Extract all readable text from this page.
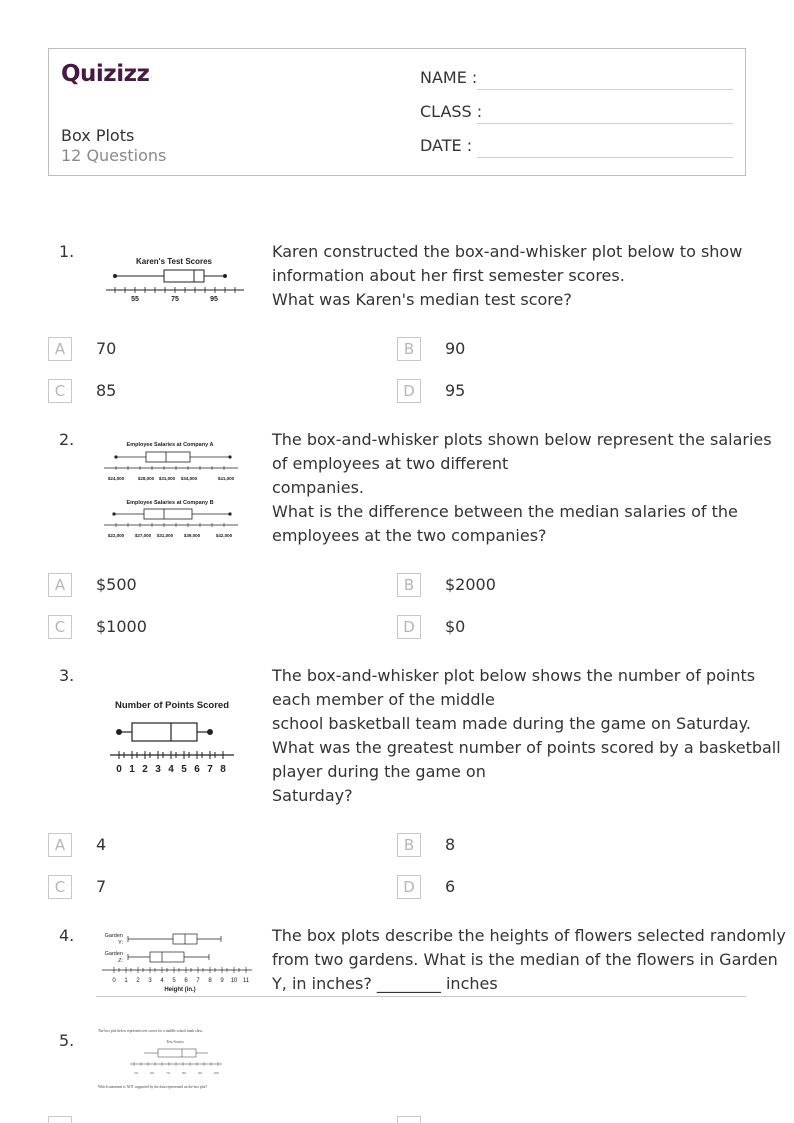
Quizizz
Box Plots
12 Questions
NAME :
CLASS :
DATE :
1.
Karen's Test Scores
55	75	95
Karen constructed the box-and-whisker plot below to show
information about her first semester scores.
What was Karen's median test score?
A	70	B	90
C	85	D	95
2.	Employee Salaries at Company A
$24,000	$28,000 $31,000 $34,000	$41,000
Employee Salaries at Company B
$22,000 $27,000 $31,000 $39,000	$42,000
The box-and-whisker plots shown below represent the salaries
of employees at two different
companies.
What is the difference between the median salaries of the
employees at the two companies?
A	$500	B	$2000
C	$1000	D	$0
3.
Number of Points Scored
0 1 2 3 4 5 6 7 8
The box-and-whisker plot below shows the number of points
each member of the middle
school basketball team made during the game on Saturday.
What was the greatest number of points scored by a basketball
player during the game on
Saturday?
A	4	B	8
C	7	D	6
4.	Garden
Y:
Garden
Z:
0 1 2 3 4 5 6 7 8 9 10 11
Height (in.)
The box plots describe the heights of flowers selected randomly
from two gardens. What is the median of the flowers in Garden
Y, in inches? ________ inches
5.	The box plot below represents test scores for a middle school math class.
Test Scores
50	60	70	80	90	100
Which statement is NOT supported by the data represented on the box plot?
